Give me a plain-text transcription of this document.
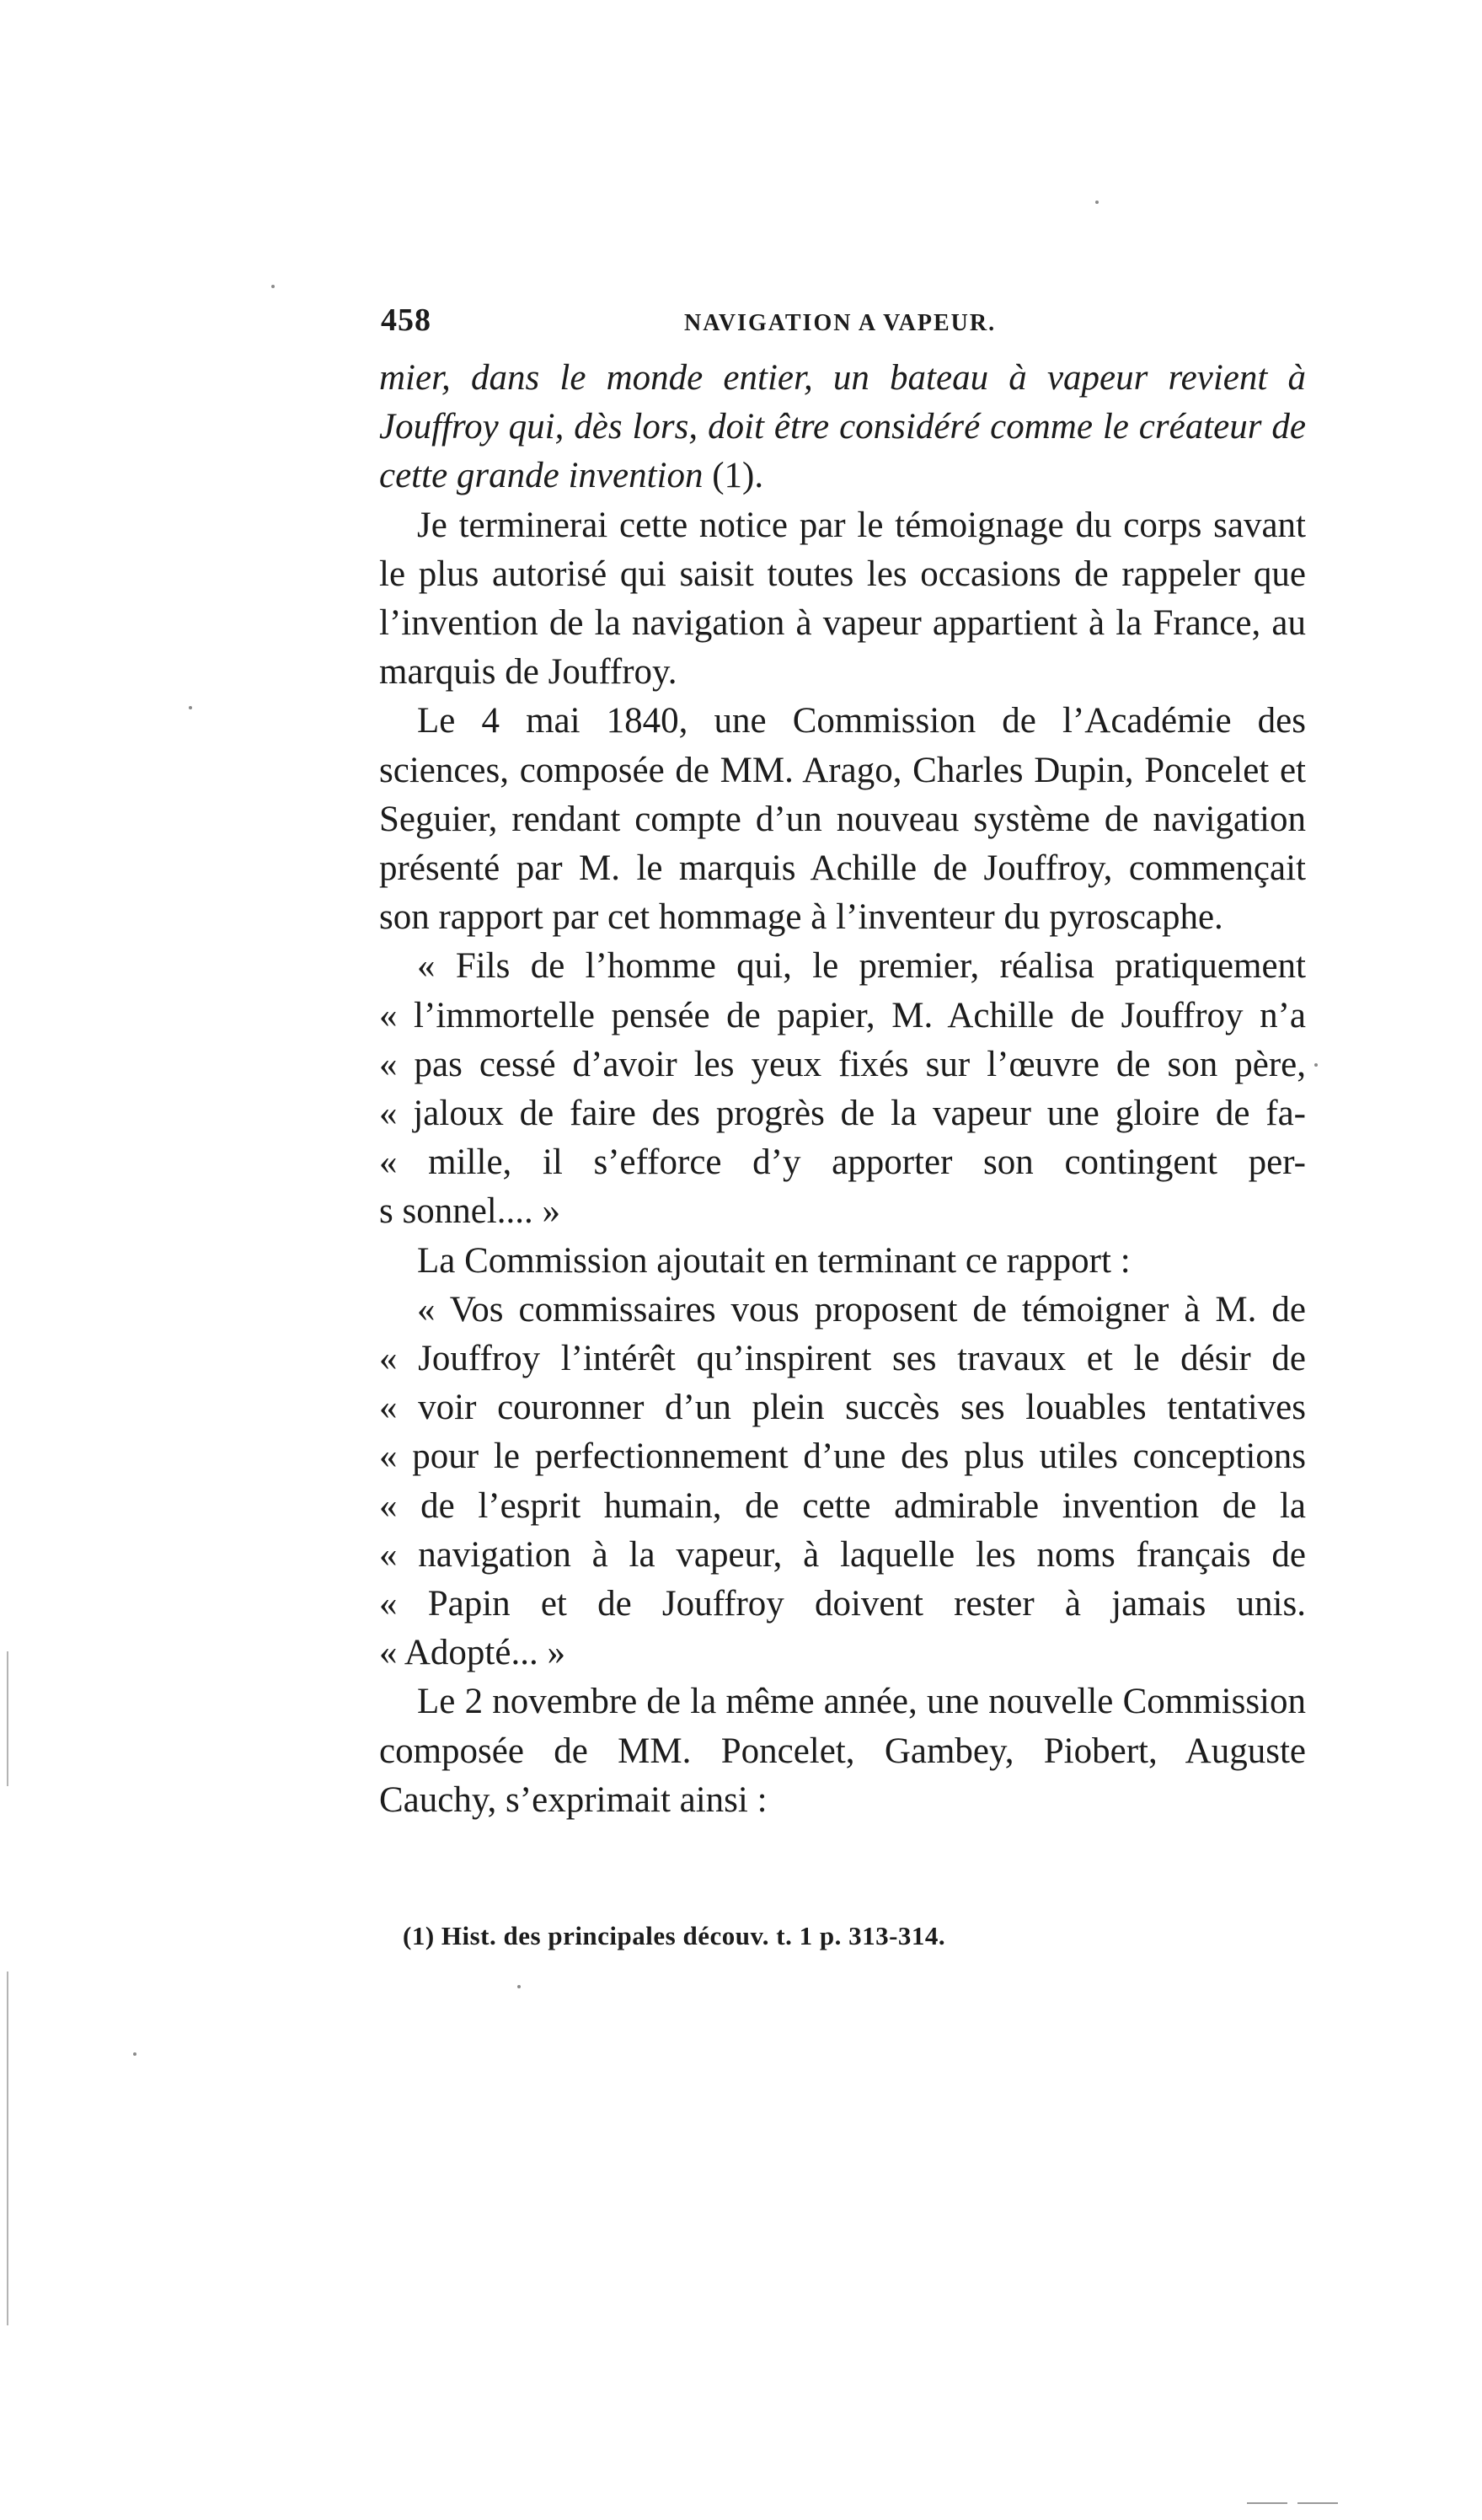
458	NAVIGATION A VAPEUR.

mier, dans le monde entier, un bateau à vapeur revient à Jouffroy qui, dès lors, doit être considéré comme le créateur de cette grande invention (1).

Je terminerai cette notice par le témoignage du corps savant le plus autorisé qui saisit toutes les occasions de rappeler que l’invention de la navigation à vapeur appartient à la France, au marquis de Jouffroy.

Le 4 mai 1840, une Commission de l’Académie des sciences, composée de MM. Arago, Charles Dupin, Poncelet et Seguier, rendant compte d’un nouveau système de navigation présenté par M. le marquis Achille de Jouffroy, commençait son rapport par cet hommage à l’inventeur du pyroscaphe.

« Fils de l’homme qui, le premier, réalisa pratiquement
« l’immortelle pensée de papier, M. Achille de Jouffroy n’a
« pas cessé d’avoir les yeux fixés sur l’œuvre de son père,
« jaloux de faire des progrès de la vapeur une gloire de fa-
« mille, il s’efforce d’y apporter son contingent per-
s sonnel.... »

La Commission ajoutait en terminant ce rapport :

« Vos commissaires vous proposent de témoigner à M. de
« Jouffroy l’intérêt qu’inspirent ses travaux et le désir de
« voir couronner d’un plein succès ses louables tentatives
« pour le perfectionnement d’une des plus utiles conceptions
« de l’esprit humain, de cette admirable invention de la
« navigation à la vapeur, à laquelle les noms français de
« Papin et de Jouffroy doivent rester à jamais unis.
« Adopté... »

Le 2 novembre de la même année, une nouvelle Commission composée de MM. Poncelet, Gambey, Piobert, Auguste Cauchy, s’exprimait ainsi :

(1) Hist. des principales découv. t. 1 p. 313-314.
